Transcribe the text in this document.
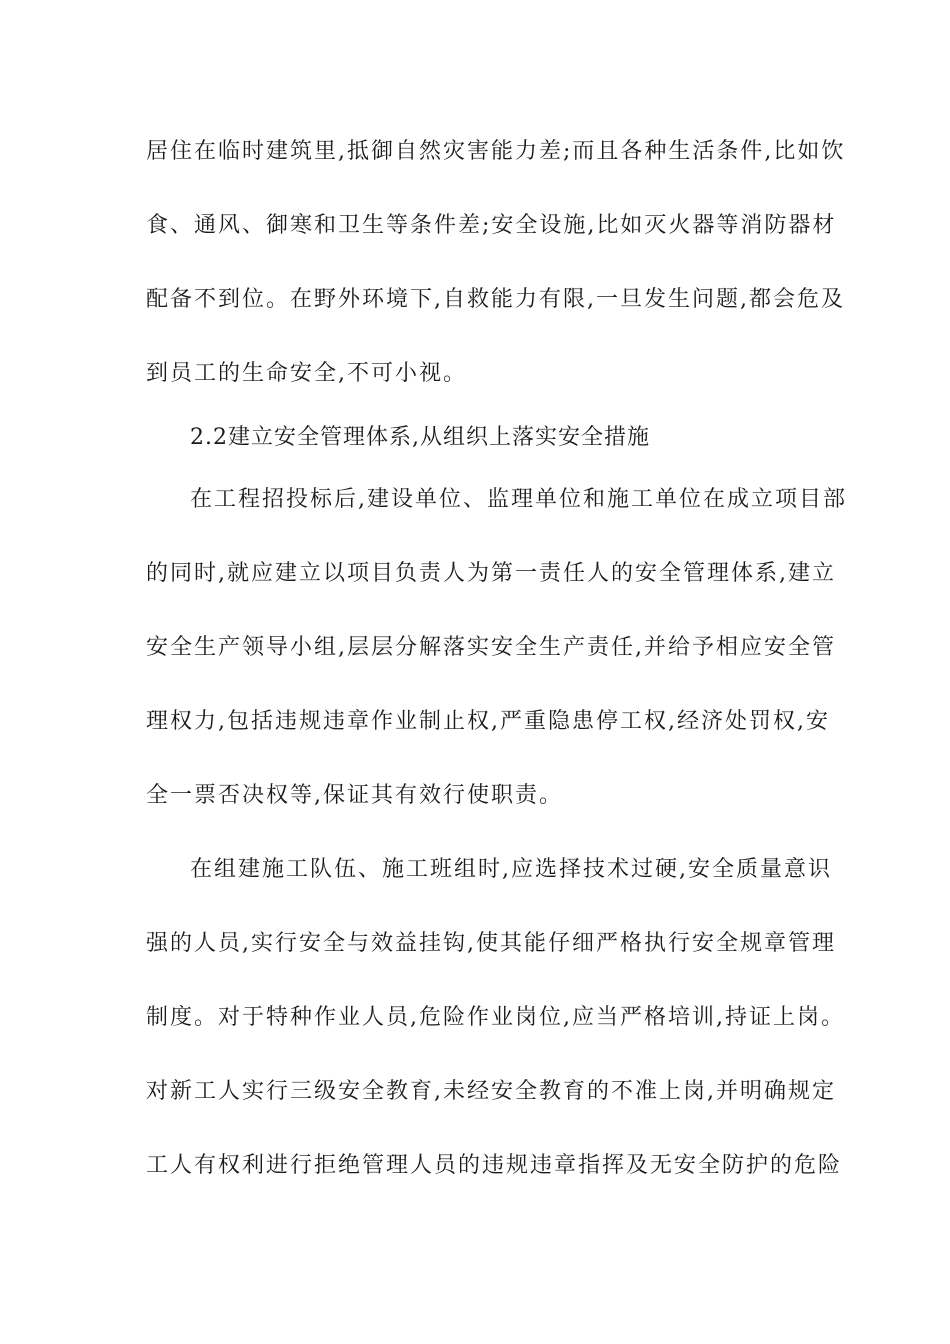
居住在临时建筑里,抵御自然灾害能力差;而且各种生活条件,比如饮
食、通风、御寒和卫生等条件差;安全设施,比如灭火器等消防器材
配备不到位。在野外环境下,自救能力有限,一旦发生问题,都会危及
到员工的生命安全,不可小视。
2.2建立安全管理体系,从组织上落实安全措施
在工程招投标后,建设单位、监理单位和施工单位在成立项目部
的同时,就应建立以项目负责人为第一责任人的安全管理体系,建立
安全生产领导小组,层层分解落实安全生产责任,并给予相应安全管
理权力,包括违规违章作业制止权,严重隐患停工权,经济处罚权,安
全一票否决权等,保证其有效行使职责。
在组建施工队伍、施工班组时,应选择技术过硬,安全质量意识
强的人员,实行安全与效益挂钩,使其能仔细严格执行安全规章管理
制度。对于特种作业人员,危险作业岗位,应当严格培训,持证上岗。
对新工人实行三级安全教育,未经安全教育的不准上岗,并明确规定
工人有权利进行拒绝管理人员的违规违章指挥及无安全防护的危险
